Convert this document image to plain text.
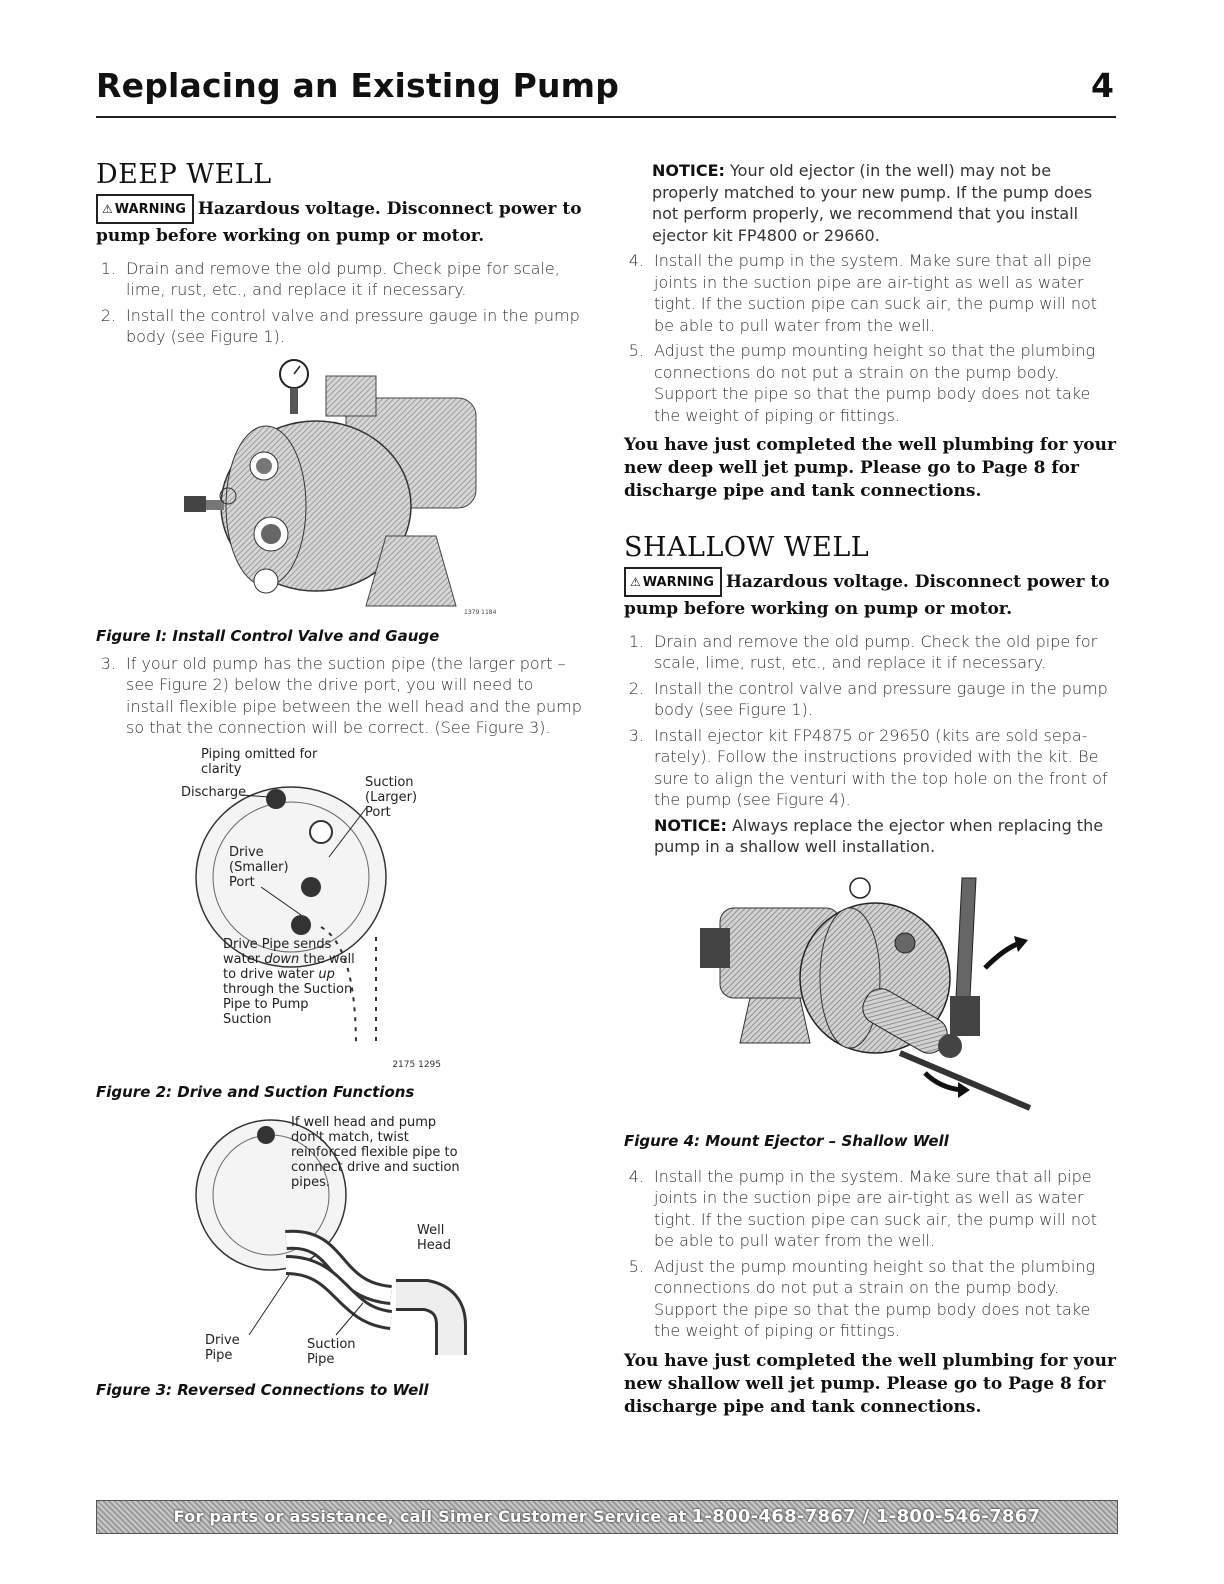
Replacing an Existing Pump	4
DEEP WELL
⚠ WARNING Hazardous voltage. Disconnect power to pump before working on pump or motor.
1. Drain and remove the old pump. Check pipe for scale, lime, rust, etc., and replace it if necessary.
2. Install the control valve and pressure gauge in the pump body (see Figure 1).
1379 1184
Figure I: Install Control Valve and Gauge
3. If your old pump has the suction pipe (the larger port – see Figure 2) below the drive port, you will need to install flexible pipe between the well head and the pump so that the connection will be correct. (See Figure 3).
2175 1295
Piping omitted for clarity
Discharge
Suction (Larger) Port
Drive (Smaller) Port
Drive Pipe sends water down the well to drive water up through the Suction Pipe to Pump Suction
Figure 2: Drive and Suction Functions
If well head and pump don't match, twist reinforced flexible pipe to connect drive and suction pipes.
Well Head
Drive Pipe
Suction Pipe
Figure 3: Reversed Connections to Well
NOTICE: Your old ejector (in the well) may not be properly matched to your new pump. If the pump does not perform properly, we recommend that you install ejector kit FP4800 or 29660.
4. Install the pump in the system. Make sure that all pipe joints in the suction pipe are air-tight as well as water tight. If the suction pipe can suck air, the pump will not be able to pull water from the well.
5. Adjust the pump mounting height so that the plumbing connections do not put a strain on the pump body. Support the pipe so that the pump body does not take the weight of piping or fittings.

You have just completed the well plumbing for your new deep well jet pump. Please go to Page 8 for discharge pipe and tank connections.

SHALLOW WELL
⚠ WARNING Hazardous voltage. Disconnect power to pump before working on pump or motor.
1. Drain and remove the old pump. Check the old pipe for scale, lime, rust, etc., and replace it if necessary.
2. Install the control valve and pressure gauge in the pump body (see Figure 1).
3. Install ejector kit FP4875 or 29650 (kits are sold sepa-rately). Follow the instructions provided with the kit. Be sure to align the venturi with the top hole on the front of the pump (see Figure 4).
NOTICE: Always replace the ejector when replacing the pump in a shallow well installation.
Figure 4: Mount Ejector – Shallow Well
4. Install the pump in the system. Make sure that all pipe joints in the suction pipe are air-tight as well as water tight. If the suction pipe can suck air, the pump will not be able to pull water from the well.
5. Adjust the pump mounting height so that the plumbing connections do not put a strain on the pump body. Support the pipe so that the pump body does not take the weight of piping or fittings.

You have just completed the well plumbing for your new shallow well jet pump. Please go to Page 8 for discharge pipe and tank connections.

For parts or assistance, call Simer Customer Service at 1-800-468-7867 / 1-800-546-7867
